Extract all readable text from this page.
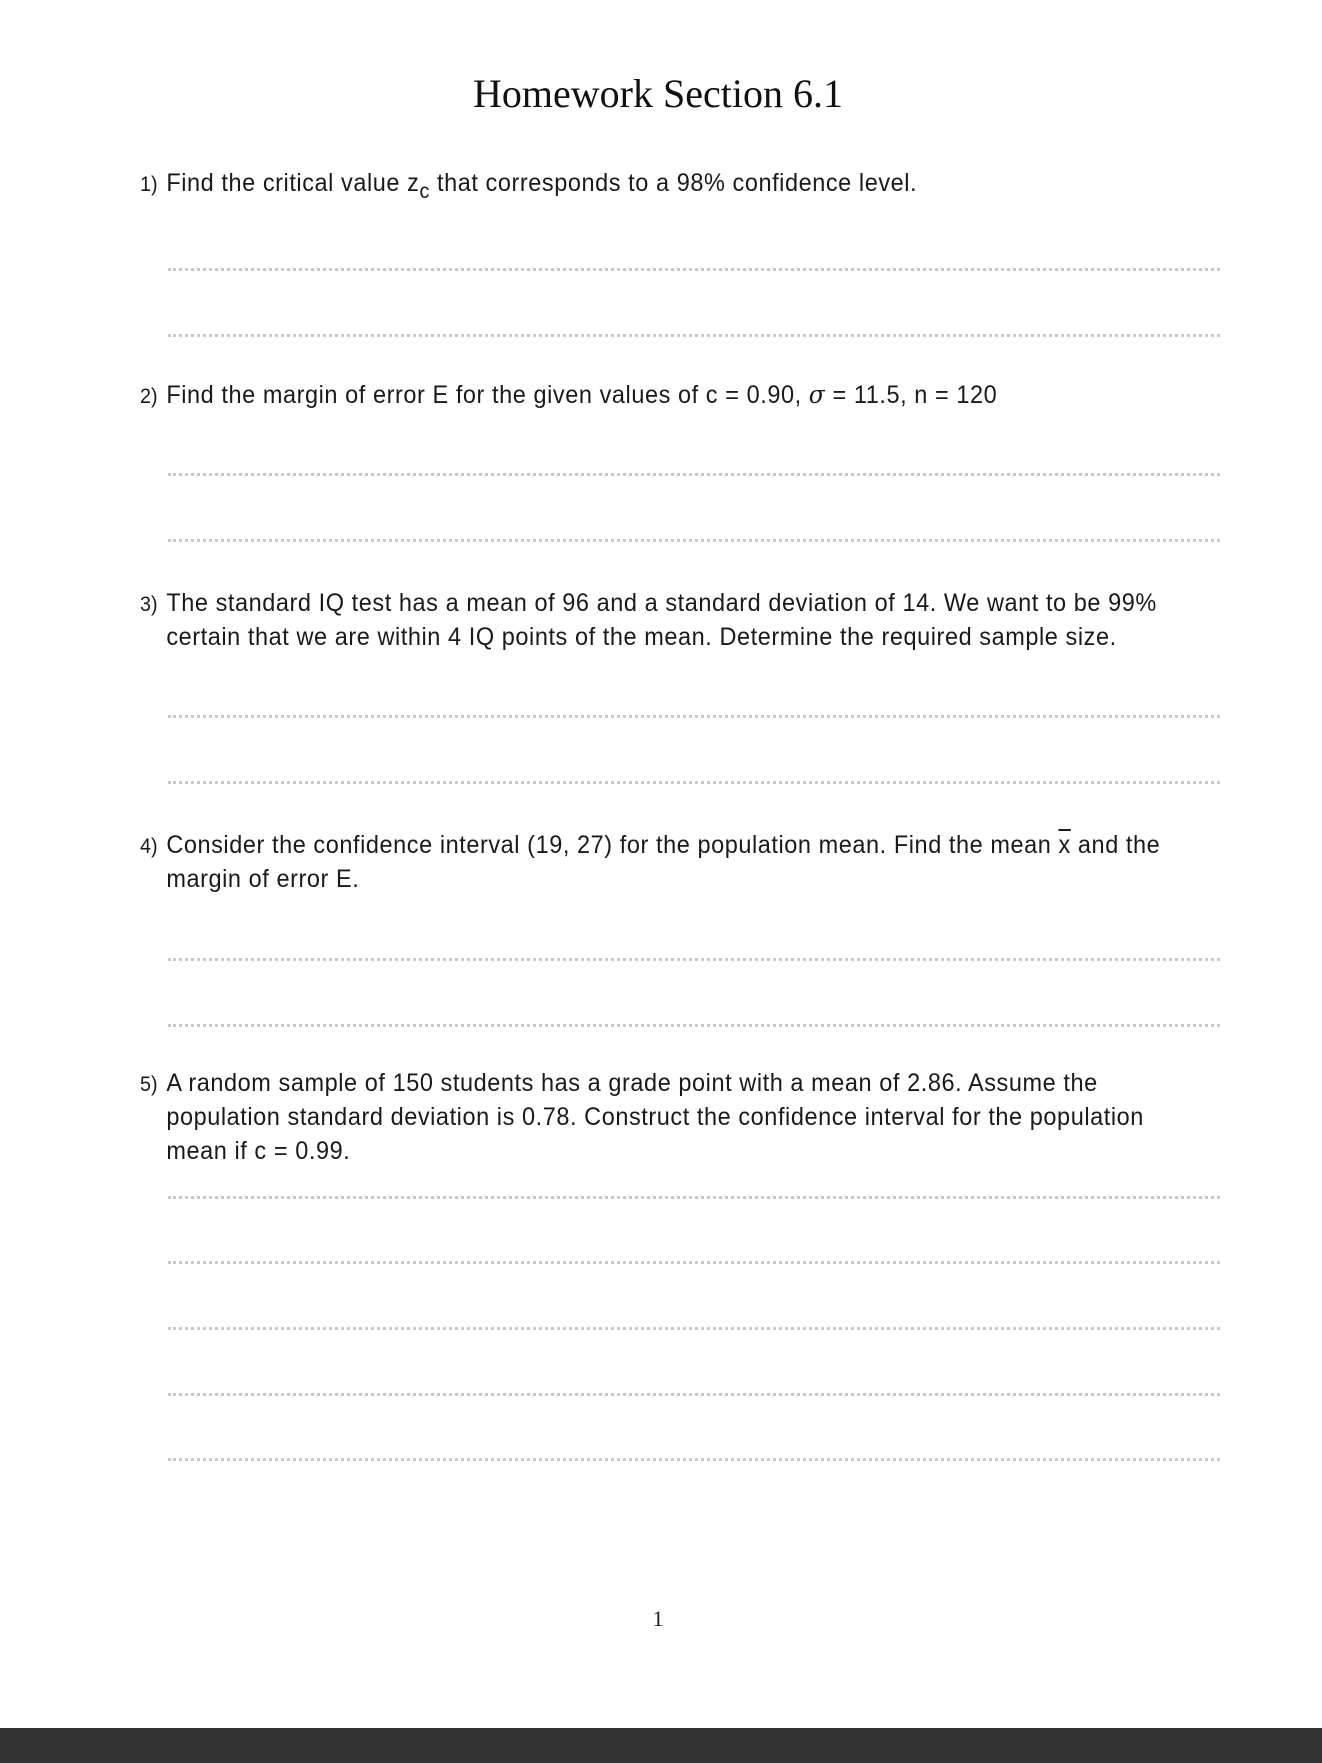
Homework Section 6.1
1) Find the critical value $z_c$ that corresponds to a 98% confidence level.
2) Find the margin of error E for the given values of c = 0.90, σ = 11.5, n = 120
3) The standard IQ test has a mean of 96 and a standard deviation of 14. We want to be 99% certain that we are within 4 IQ points of the mean. Determine the required sample size.
4) Consider the confidence interval (19, 27) for the population mean. Find the mean $\overline{x}$ and the margin of error E.
5) A random sample of 150 students has a grade point with a mean of 2.86. Assume the population standard deviation is 0.78. Construct the confidence interval for the population mean if c = 0.99.
1
